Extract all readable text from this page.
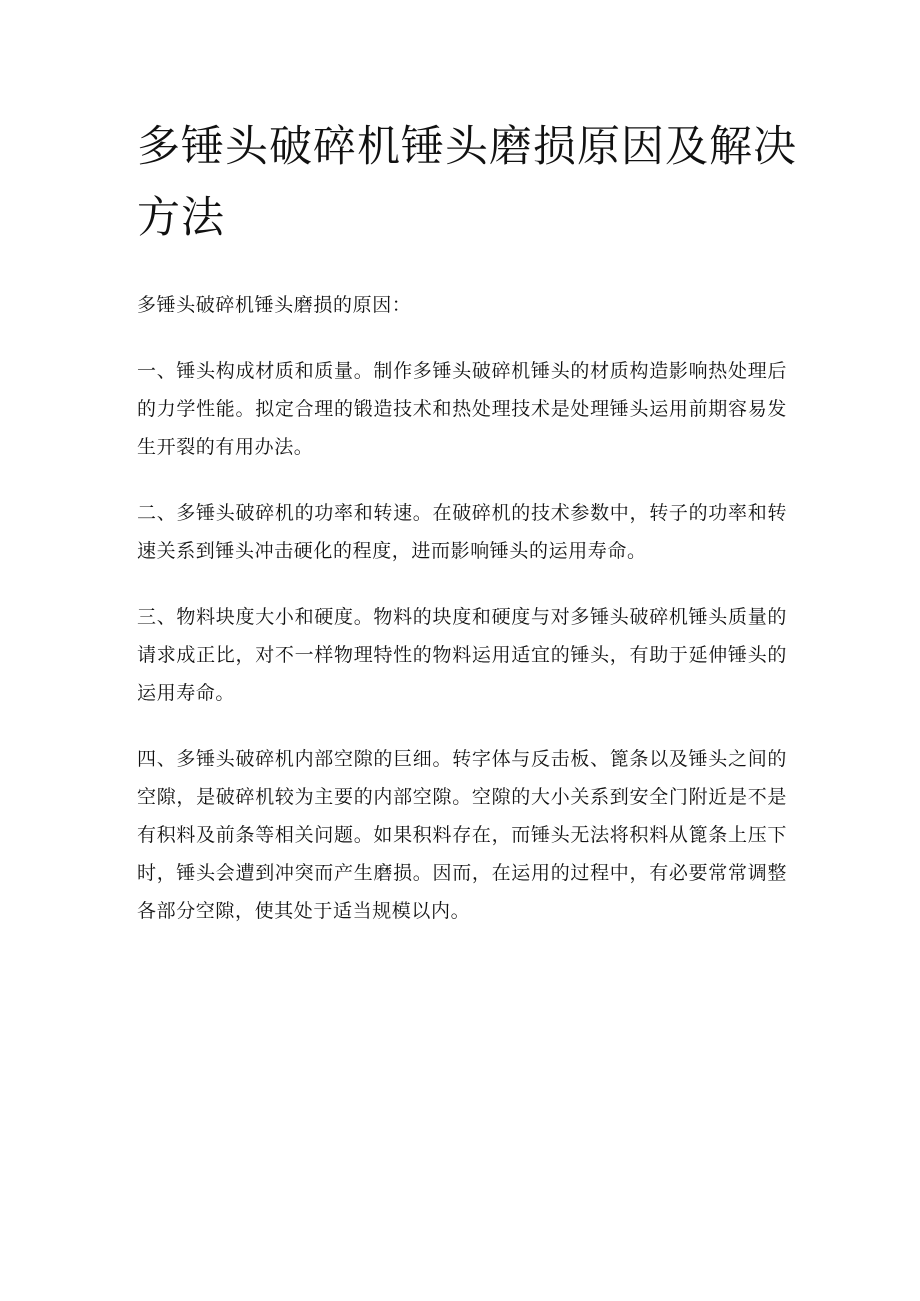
多锤头破碎机锤头磨损原因及解决方法

多锤头破碎机锤头磨损的原因：

一、锤头构成材质和质量。制作多锤头破碎机锤头的材质构造影响热处理后的力学性能。拟定合理的锻造技术和热处理技术是处理锤头运用前期容易发生开裂的有用办法。

二、多锤头破碎机的功率和转速。在破碎机的技术参数中，转子的功率和转速关系到锤头冲击硬化的程度，进而影响锤头的运用寿命。

三、物料块度大小和硬度。物料的块度和硬度与对多锤头破碎机锤头质量的请求成正比，对不一样物理特性的物料运用适宜的锤头，有助于延伸锤头的运用寿命。

四、多锤头破碎机内部空隙的巨细。转字体与反击板、篦条以及锤头之间的空隙，是破碎机较为主要的内部空隙。空隙的大小关系到安全门附近是不是有积料及前条等相关问题。如果积料存在，而锤头无法将积料从篦条上压下时，锤头会遭到冲突而产生磨损。因而，在运用的过程中，有必要常常调整各部分空隙，使其处于适当规模以内。
